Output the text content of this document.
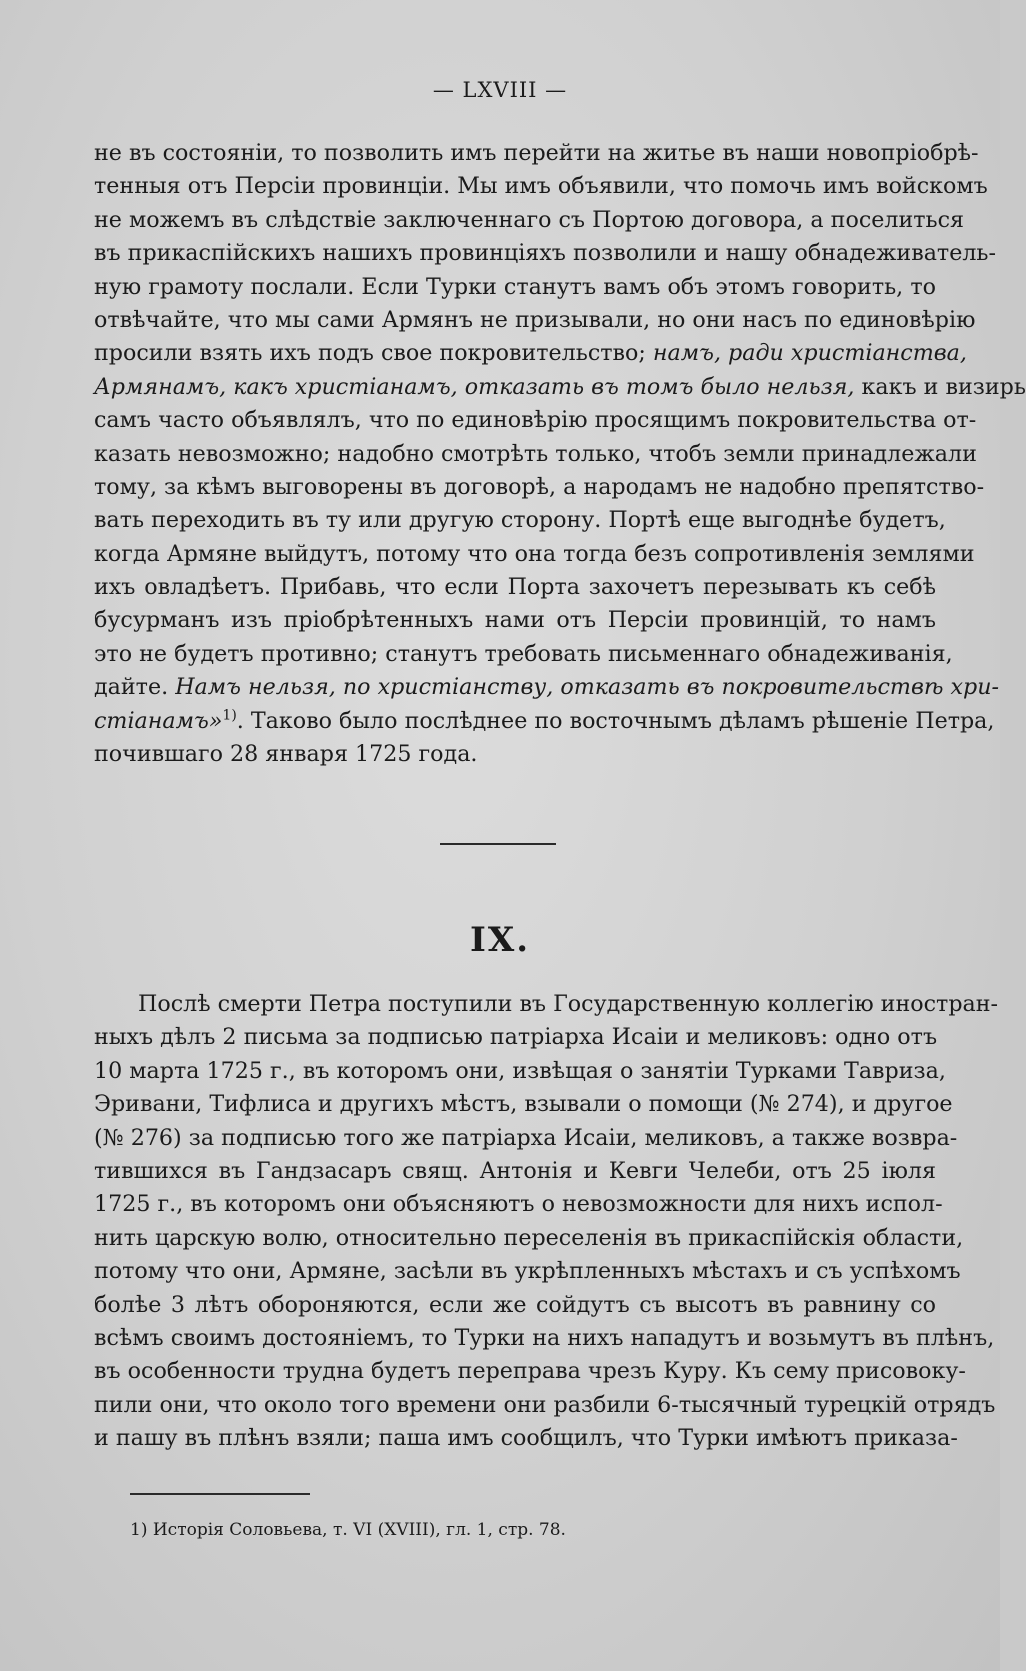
— LXVIII —
не въ состояніи, то позволить имъ перейти на житье въ наши новопріобрѣ-
тенныя отъ Персіи провинціи. Мы имъ объявили, что помочь имъ войскомъ
не можемъ въ слѣдствіе заключеннаго съ Портою договора, а поселиться
въ прикаспійскихъ нашихъ провинціяхъ позволили и нашу обнадеживатель-
ную грамоту послали. Если Турки станутъ вамъ объ этомъ говорить, то
отвѣчайте, что мы сами Армянъ не призывали, но они насъ по единовѣрію
просили взять ихъ подъ свое покровительство; намъ, ради христіанства,
Армянамъ, какъ христіанамъ, отказать въ томъ было нельзя, какъ и визирь
самъ часто объявлялъ, что по единовѣрію просящимъ покровительства от-
казать невозможно; надобно смотрѣть только, чтобъ земли принадлежали
тому, за кѣмъ выговорены въ договорѣ, а народамъ не надобно препятство-
вать переходить въ ту или другую сторону. Портѣ еще выгоднѣе будетъ,
когда Армяне выйдутъ, потому что она тогда безъ сопротивленія землями
ихъ овладѣетъ. Прибавь, что если Порта захочетъ перезывать къ себѣ
бусурманъ изъ пріобрѣтенныхъ нами отъ Персіи провинцій, то намъ
это не будетъ противно; станутъ требовать письменнаго обнадеживанія,
дайте. Намъ нельзя, по христіанству, отказать въ покровительствѣ хри-
стіанамъ»$^{1)}$. Таково было послѣднее по восточнымъ дѣламъ рѣшеніе Петра,
почившаго 28 января 1725 года.
IX.
Послѣ смерти Петра поступили въ Государственную коллегію иностран-
ныхъ дѣлъ 2 письма за подписью патріарха Исаіи и меликовъ: одно отъ
10 марта 1725 г., въ которомъ они, извѣщая о занятіи Турками Тавриза,
Эривани, Тифлиса и другихъ мѣстъ, взывали о помощи (№ 274), и другое
(№ 276) за подписью того же патріарха Исаіи, меликовъ, а также возвра-
тившихся въ Гандзасаръ свящ. Антонія и Кевги Челеби, отъ 25 іюля
1725 г., въ которомъ они объясняютъ о невозможности для нихъ испол-
нить царскую волю, относительно переселенія въ прикаспійскія области,
потому что они, Армяне, засѣли въ укрѣпленныхъ мѣстахъ и съ успѣхомъ
болѣе 3 лѣтъ обороняются, если же сойдутъ съ высотъ въ равнину со
всѣмъ своимъ достояніемъ, то Турки на нихъ нападутъ и возьмутъ въ плѣнъ,
въ особенности трудна будетъ переправа чрезъ Куру. Къ сему присовоку-
пили они, что около того времени они разбили 6-тысячный турецкій отрядъ
и пашу въ плѣнъ взяли; паша имъ сообщилъ, что Турки имѣютъ приказа-
1) Исторія Соловьева, т. VI (XVIII), гл. 1, стр. 78.
